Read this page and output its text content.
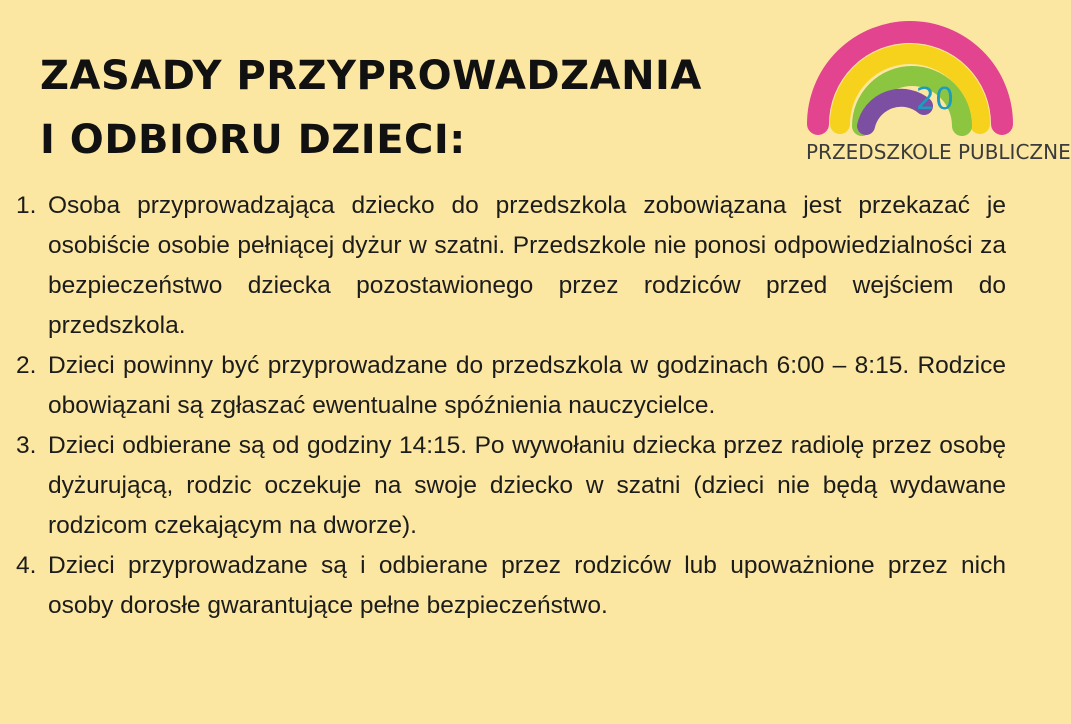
ZASADY PRZYPROWADZANIA
I ODBIORU DZIECI:
20
PRZEDSZKOLE PUBLICZNE
1. Osoba przyprowadzająca dziecko do przedszkola zobowiązana jest przekazać je osobiście osobie pełniącej dyżur w szatni. Przedszkole nie ponosi odpowiedzialności za bezpieczeństwo dziecka pozostawionego przez rodziców przed wejściem do przedszkola.
2. Dzieci powinny być przyprowadzane do przedszkola w godzinach 6:00 – 8:15. Rodzice obowiązani są zgłaszać ewentualne spóźnienia nauczycielce.
3. Dzieci odbierane są od godziny 14:15. Po wywołaniu dziecka przez radiolę przez osobę dyżurującą, rodzic oczekuje na swoje dziecko w szatni (dzieci nie będą wydawane rodzicom czekającym na dworze).
4. Dzieci przyprowadzane są i odbierane przez rodziców lub upoważnione przez nich osoby dorosłe gwarantujące pełne bezpieczeństwo.
